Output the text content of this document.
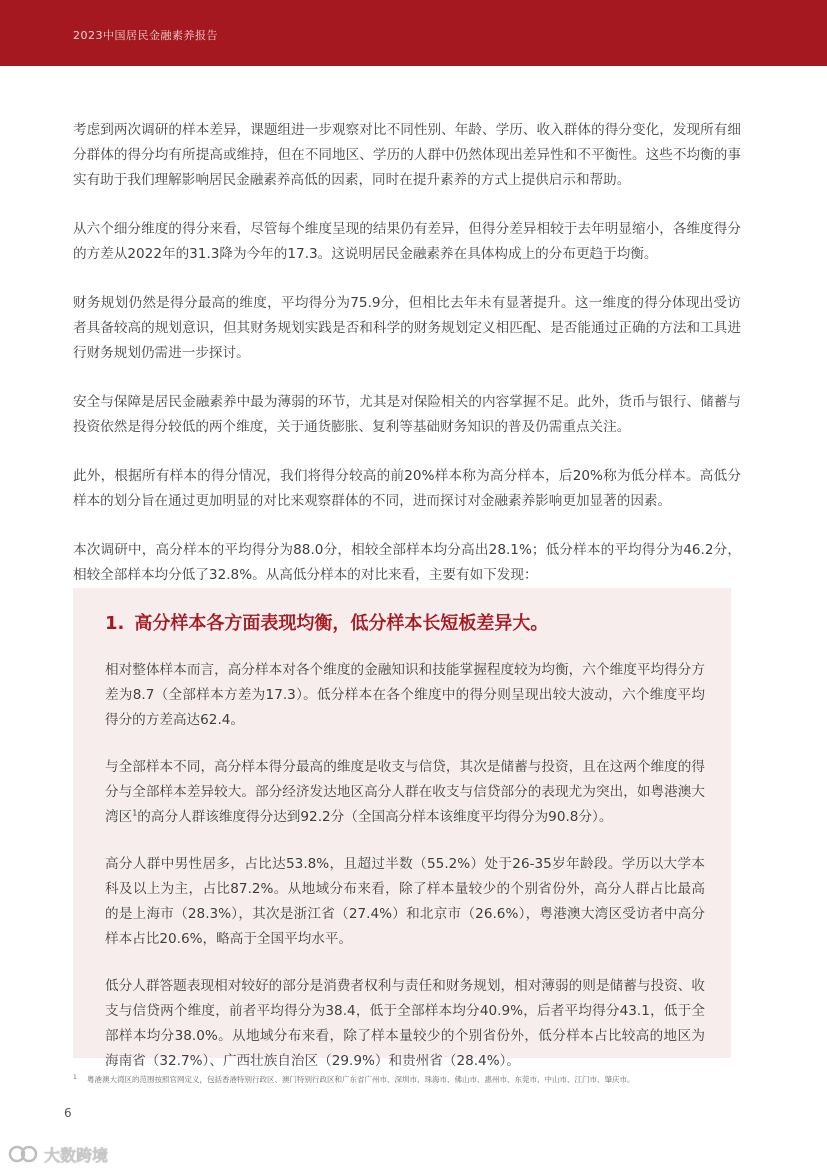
2023中国居民金融素养报告

考虑到两次调研的样本差异，课题组进一步观察对比不同性别、年龄、学历、收入群体的得分变化，发现所有细分群体的得分均有所提高或维持，但在不同地区、学历的人群中仍然体现出差异性和不平衡性。这些不均衡的事实有助于我们理解影响居民金融素养高低的因素，同时在提升素养的方式上提供启示和帮助。

从六个细分维度的得分来看，尽管每个维度呈现的结果仍有差异，但得分差异相较于去年明显缩小，各维度得分的方差从2022年的31.3降为今年的17.3。这说明居民金融素养在具体构成上的分布更趋于均衡。

财务规划仍然是得分最高的维度，平均得分为75.9分，但相比去年未有显著提升。这一维度的得分体现出受访者具备较高的规划意识，但其财务规划实践是否和科学的财务规划定义相匹配、是否能通过正确的方法和工具进行财务规划仍需进一步探讨。

安全与保障是居民金融素养中最为薄弱的环节，尤其是对保险相关的内容掌握不足。此外，货币与银行、储蓄与投资依然是得分较低的两个维度，关于通货膨胀、复利等基础财务知识的普及仍需重点关注。

此外，根据所有样本的得分情况，我们将得分较高的前20%样本称为高分样本，后20%称为低分样本。高低分样本的划分旨在通过更加明显的对比来观察群体的不同，进而探讨对金融素养影响更加显著的因素。

本次调研中，高分样本的平均得分为88.0分，相较全部样本均分高出28.1%；低分样本的平均得分为46.2分，相较全部样本均分低了32.8%。从高低分样本的对比来看，主要有如下发现：

1. 高分样本各方面表现均衡，低分样本长短板差异大。

相对整体样本而言，高分样本对各个维度的金融知识和技能掌握程度较为均衡，六个维度平均得分方差为8.7（全部样本方差为17.3）。低分样本在各个维度中的得分则呈现出较大波动，六个维度平均得分的方差高达62.4。

与全部样本不同，高分样本得分最高的维度是收支与信贷，其次是储蓄与投资，且在这两个维度的得分与全部样本差异较大。部分经济发达地区高分人群在收支与信贷部分的表现尤为突出，如粤港澳大湾区$^1$的高分人群该维度得分达到92.2分（全国高分样本该维度平均得分为90.8分）。

高分人群中男性居多，占比达53.8%，且超过半数（55.2%）处于26-35岁年龄段。学历以大学本科及以上为主，占比87.2%。从地域分布来看，除了样本量较少的个别省份外，高分人群占比最高的是上海市（28.3%），其次是浙江省（27.4%）和北京市（26.6%），粤港澳大湾区受访者中高分样本占比20.6%，略高于全国平均水平。

低分人群答题表现相对较好的部分是消费者权利与责任和财务规划，相对薄弱的则是储蓄与投资、收支与信贷两个维度，前者平均得分为38.4，低于全部样本均分40.9%，后者平均得分43.1，低于全部样本均分38.0%。从地域分布来看，除了样本量较少的个别省份外，低分样本占比较高的地区为海南省（32.7%）、广西壮族自治区（29.9%）和贵州省（28.4%）。

1	粤港澳大湾区的范围按照官网定义，包括香港特别行政区、澳门特别行政区和广东省广州市、深圳市、珠海市、佛山市、惠州市、东莞市、中山市、江门市、肇庆市。
6
大数跨境
